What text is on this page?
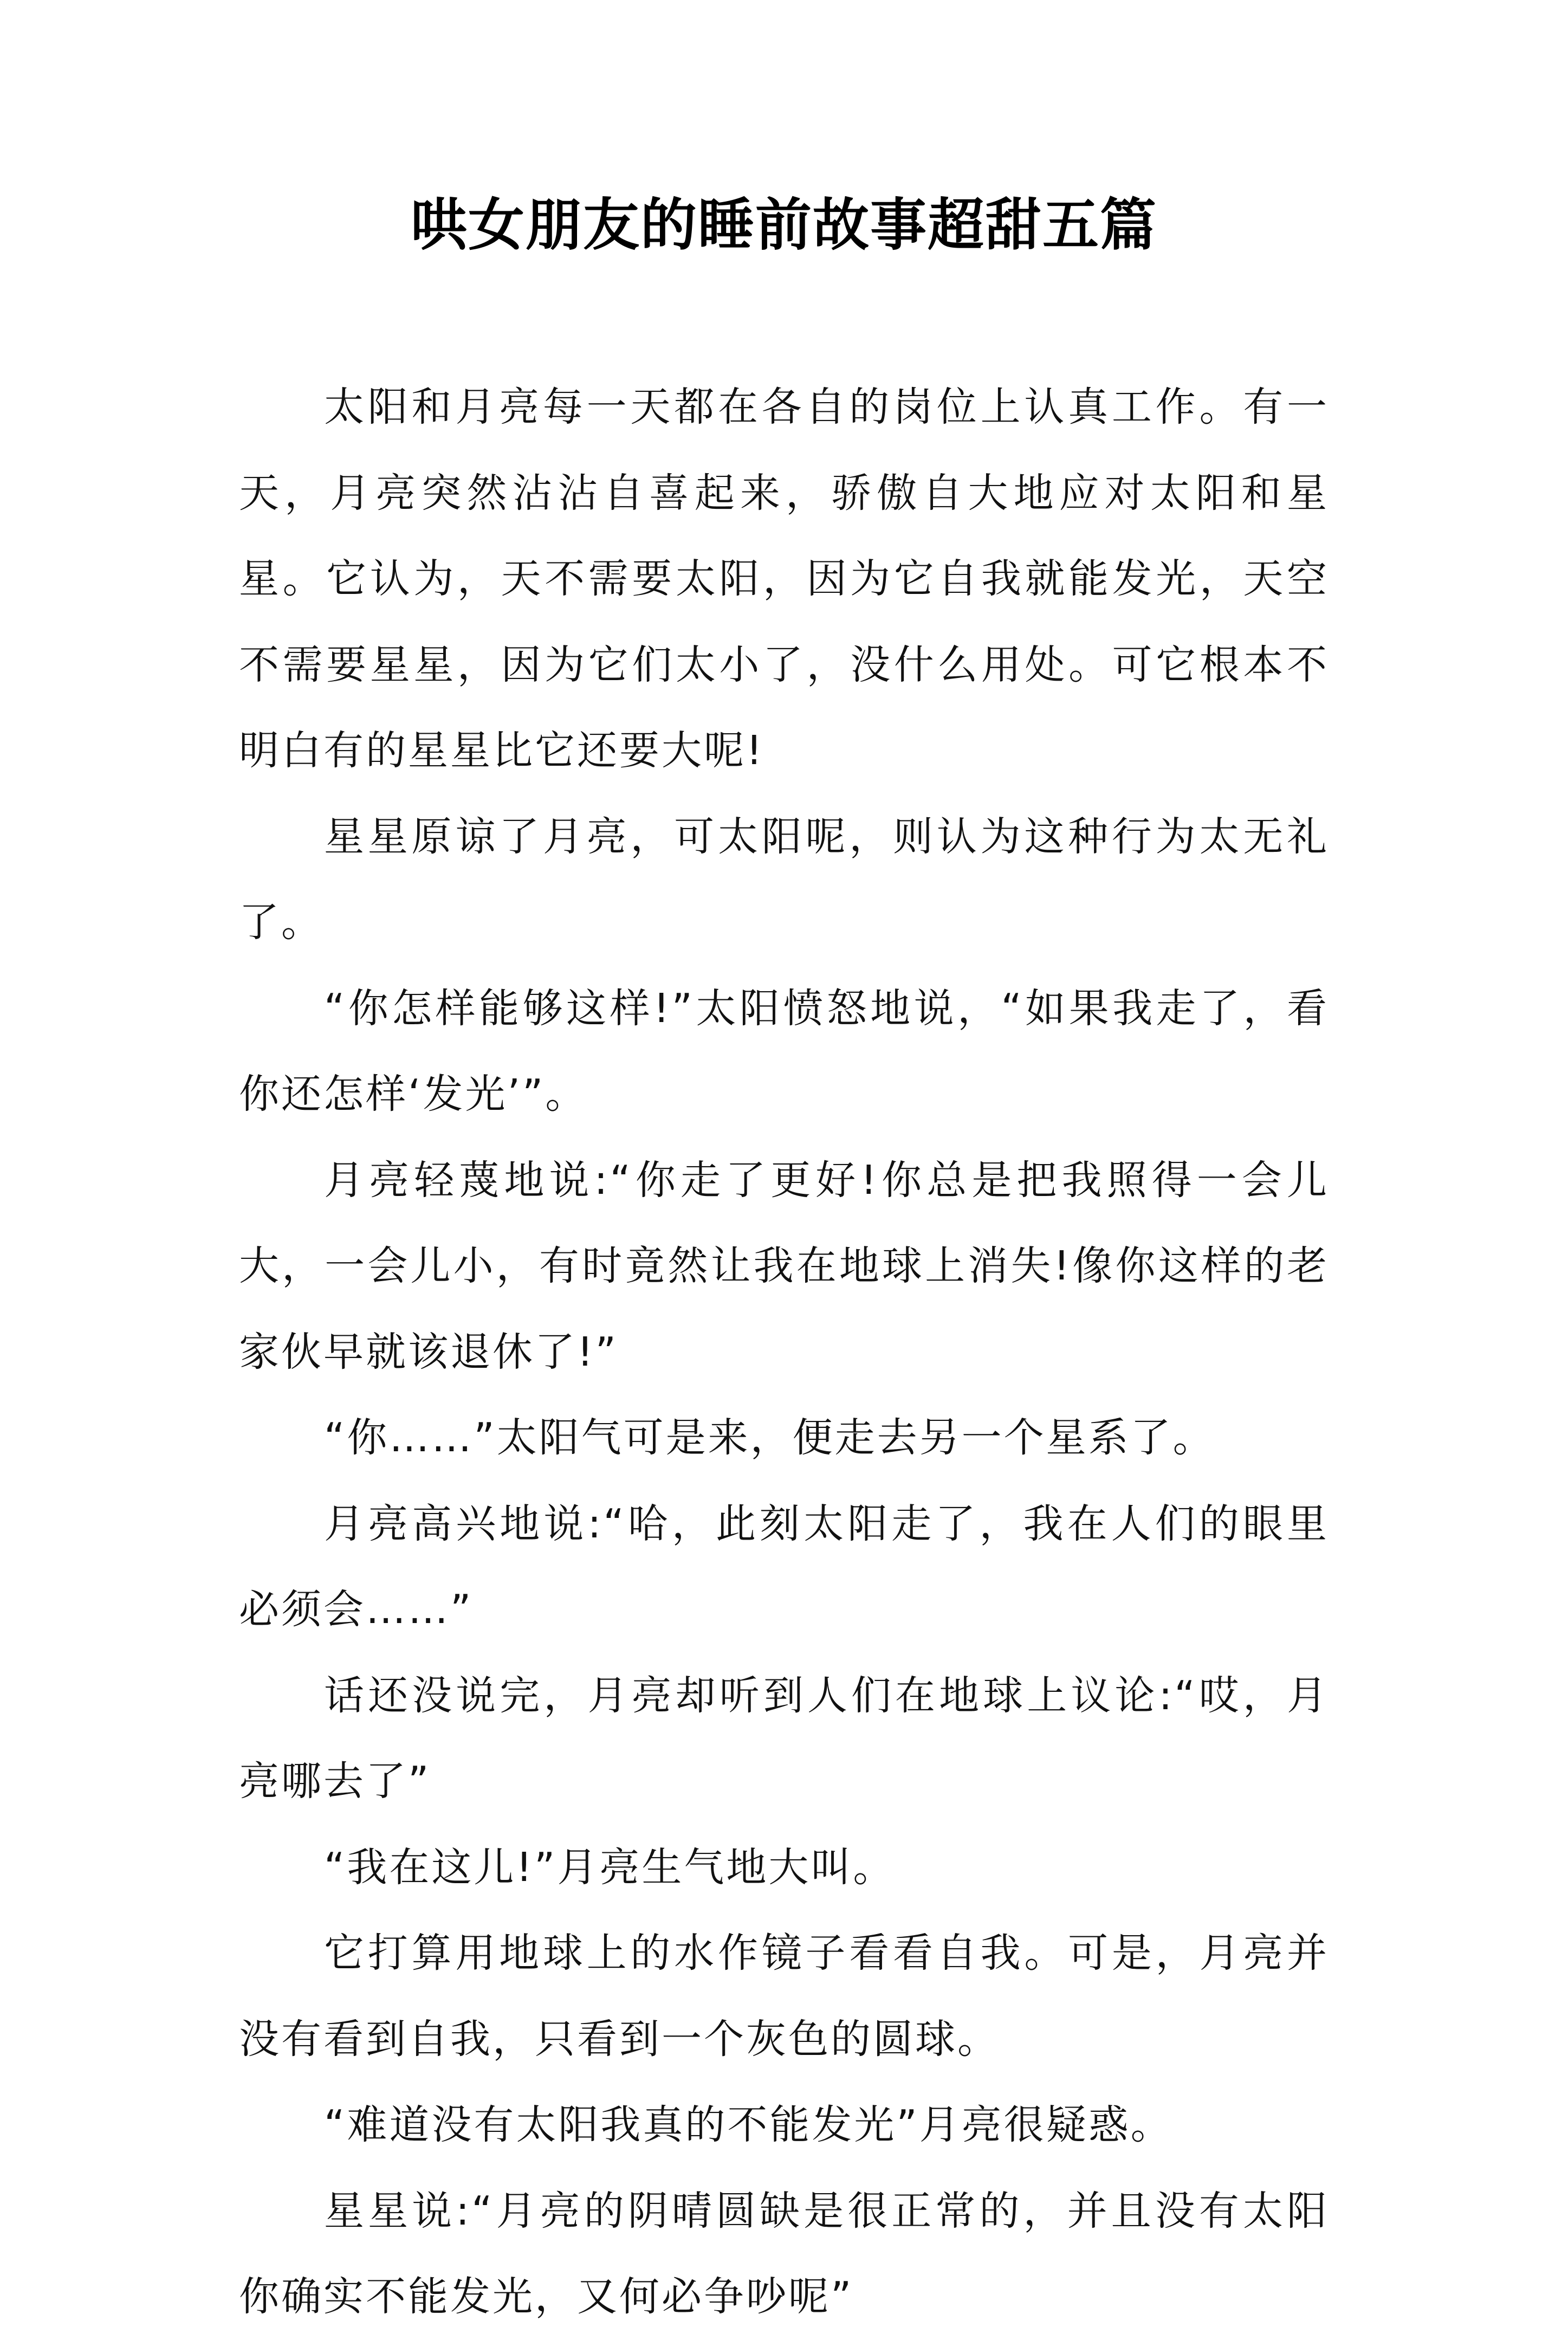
哄女朋友的睡前故事超甜五篇

太阳和月亮每一天都在各自的岗位上认真工作。有一天，月亮突然沾沾自喜起来，骄傲自大地应对太阳和星星。它认为，天不需要太阳，因为它自我就能发光，天空不需要星星，因为它们太小了，没什么用处。可它根本不明白有的星星比它还要大呢!

星星原谅了月亮，可太阳呢，则认为这种行为太无礼了。

“你怎样能够这样!”太阳愤怒地说，“如果我走了，看你还怎样‘发光’”。

月亮轻蔑地说:“你走了更好!你总是把我照得一会儿大，一会儿小，有时竟然让我在地球上消失!像你这样的老家伙早就该退休了!”

“你……”太阳气可是来，便走去另一个星系了。

月亮高兴地说:“哈，此刻太阳走了，我在人们的眼里必须会……”

话还没说完，月亮却听到人们在地球上议论:“哎，月亮哪去了”

“我在这儿!”月亮生气地大叫。

它打算用地球上的水作镜子看看自我。可是，月亮并没有看到自我，只看到一个灰色的圆球。

“难道没有太阳我真的不能发光”月亮很疑惑。

星星说:“月亮的阴晴圆缺是很正常的，并且没有太阳你确实不能发光，又何必争吵呢”
